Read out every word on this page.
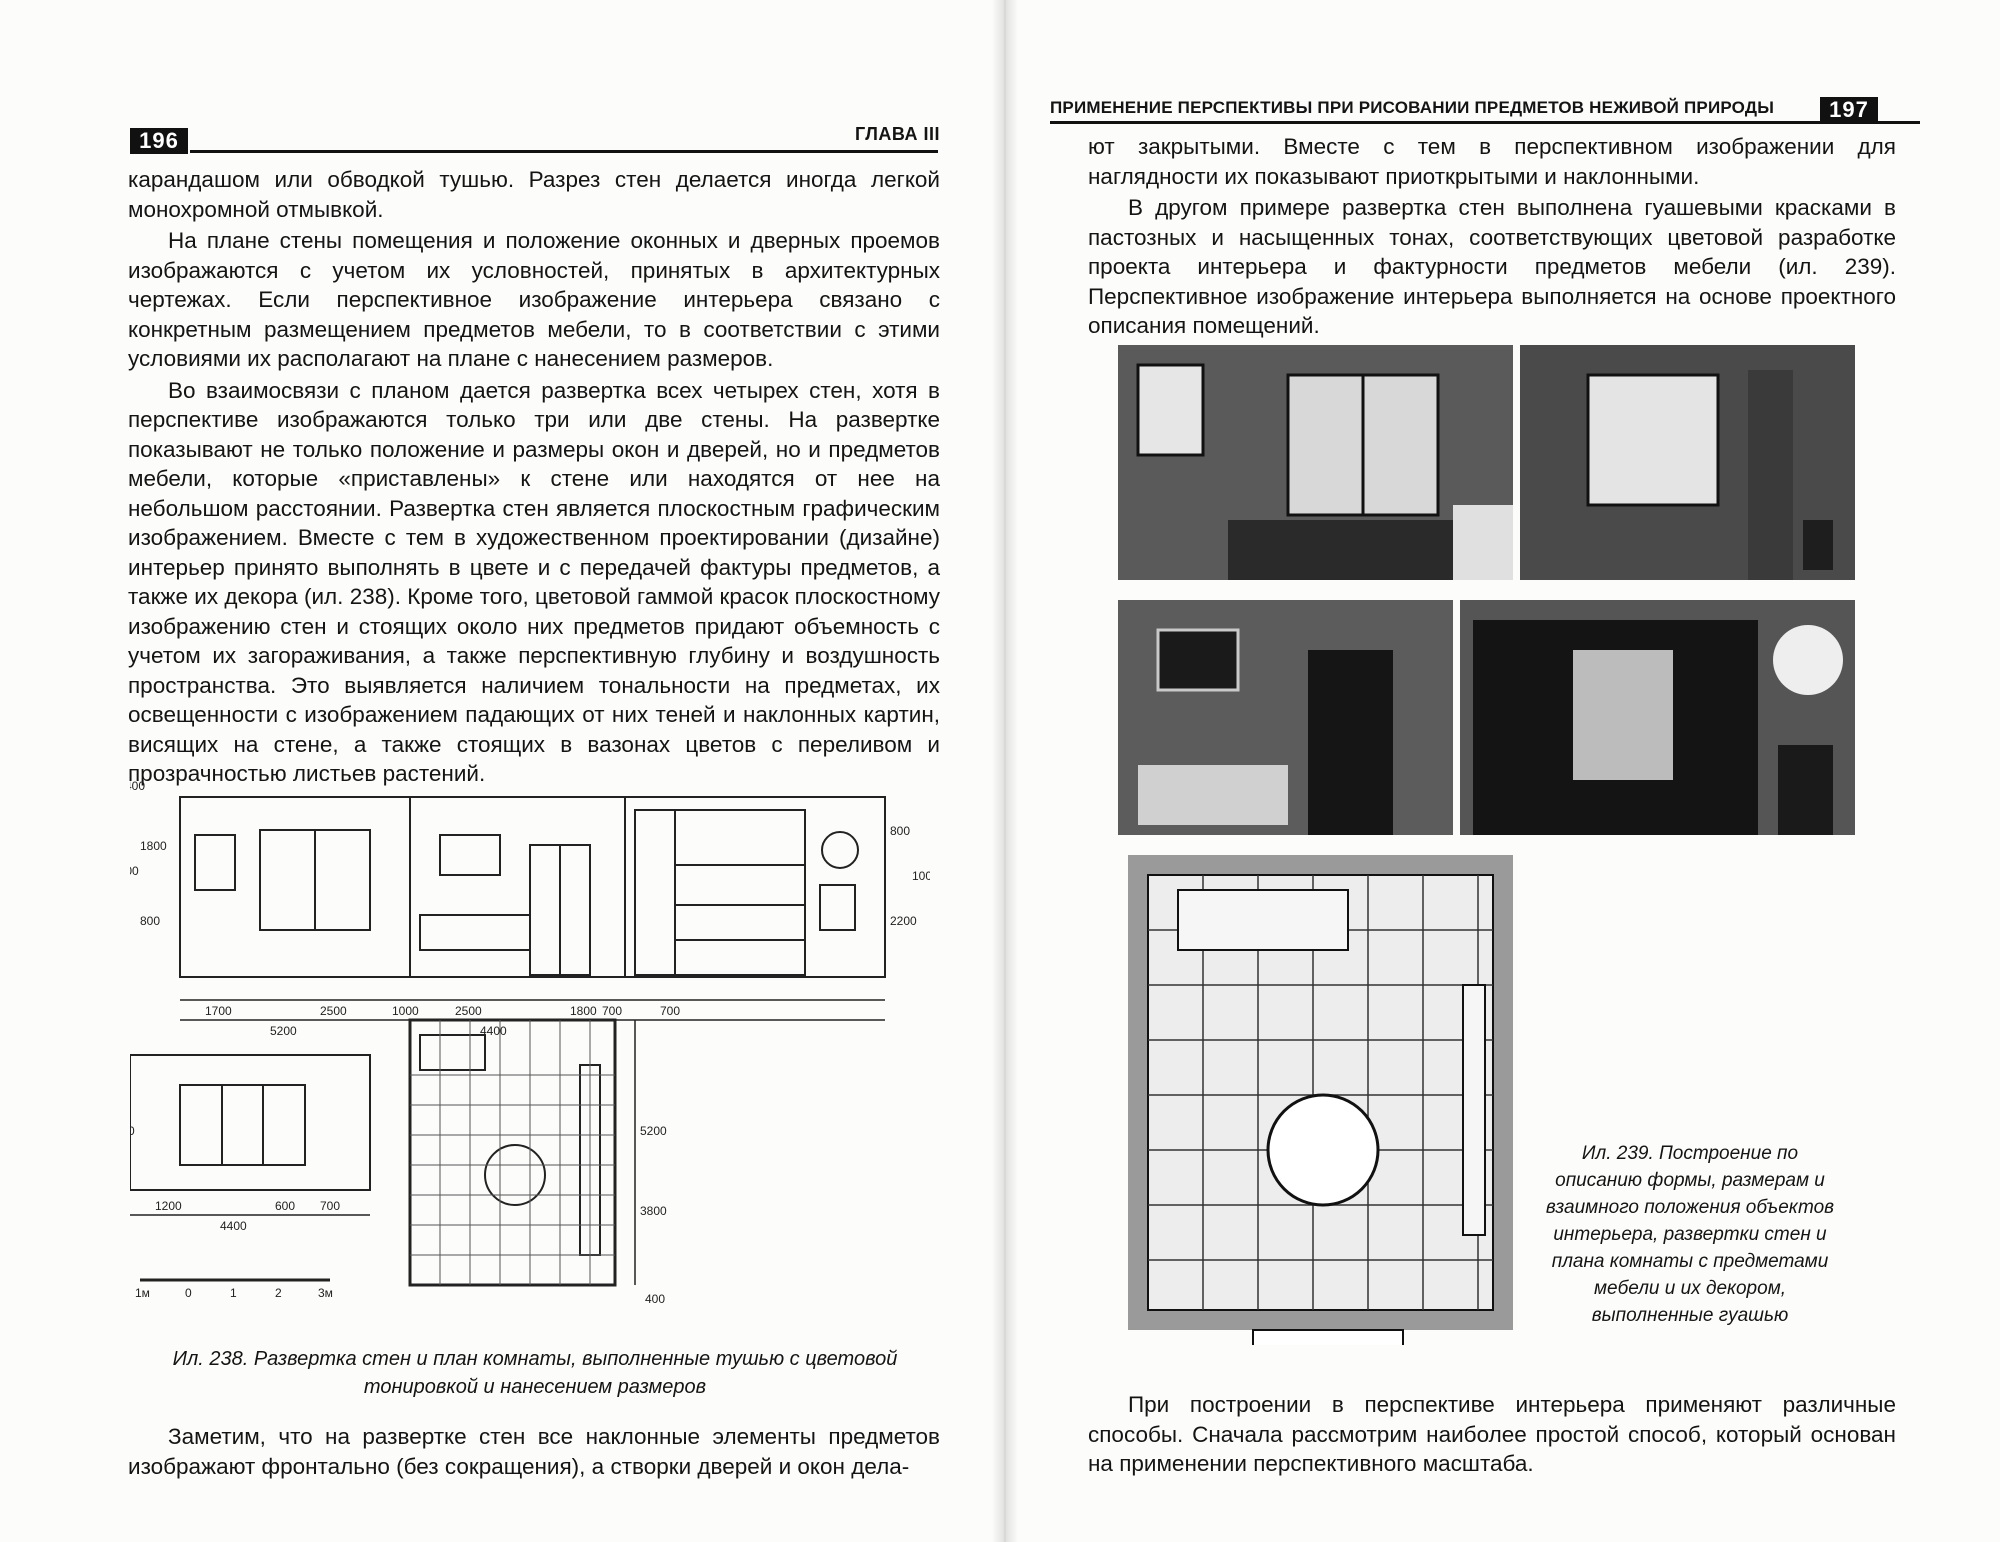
196	ГЛАВА III

карандашом или обводкой тушью. Разрез стен делается иногда легкой монохромной отмывкой.

На плане стены помещения и положение оконных и дверных проемов изображаются с учетом их условностей, принятых в архитектурных чертежах. Если перспективное изображение интерьера связано с конкретным размещением предметов мебели, то в соответствии с этими условиями их располагают на плане с нанесением размеров.

Во взаимосвязи с планом дается развертка всех четырех стен, хотя в перспективе изображаются только три или две стены. На развертке показывают не только положение и размеры окон и дверей, но и предметов мебели, которые «приставлены» к стене или находятся от нее на небольшом расстоянии. Развертка стен является плоскостным графическим изображением. Вместе с тем в художественном проектировании (дизайне) интерьер принято выполнять в цвете и с передачей фактуры предметов, а также их декора (ил. 238). Кроме того, цветовой гаммой красок плоскостному изображению стен и стоящих около них предметов придают объемность с учетом их загораживания, а также перспективную глубину и воздушность пространства. Это выявляется наличием тональности на предметах, их освещенности с изображением падающих от них теней и наклонных картин, висящих на стене, а также стоящих в вазонах цветов с переливом и прозрачностью листьев растений.

1700	2500	1000	2500	1800 700
5200	4400
00
0
1800
800
800
2200
100
1200	600 700
4400
0
700
5200
3800
400
1м	0	1	2	3м
Ил. 238. Развертка стен и план комнаты, выполненные тушью с цветовой тонировкой и нанесением размеров

Заметим, что на развертке стен все наклонные элементы предметов изображают фронтально (без сокращения), а створки дверей и окон дела-

ПРИМЕНЕНИЕ ПЕРСПЕКТИВЫ ПРИ РИСОВАНИИ ПРЕДМЕТОВ НЕЖИВОЙ ПРИРОДЫ	197

ют закрытыми. Вместе с тем в перспективном изображении для наглядности их показывают приоткрытыми и наклонными.

В другом примере развертка стен выполнена гуашевыми красками в пастозных и насыщенных тонах, соответствующих цветовой разработке проекта интерьера и фактурности предметов мебели (ил. 239). Перспективное изображение интерьера выполняется на основе проектного описания помещений.

Ил. 239. Построение по описанию формы, размерам и взаимного положения объектов интерьера, развертки стен и плана комнаты с предметами мебели и их декором, выполненные гуашью

При построении в перспективе интерьера применяют различные способы. Сначала рассмотрим наиболее простой способ, который основан на применении перспективного масштаба.
